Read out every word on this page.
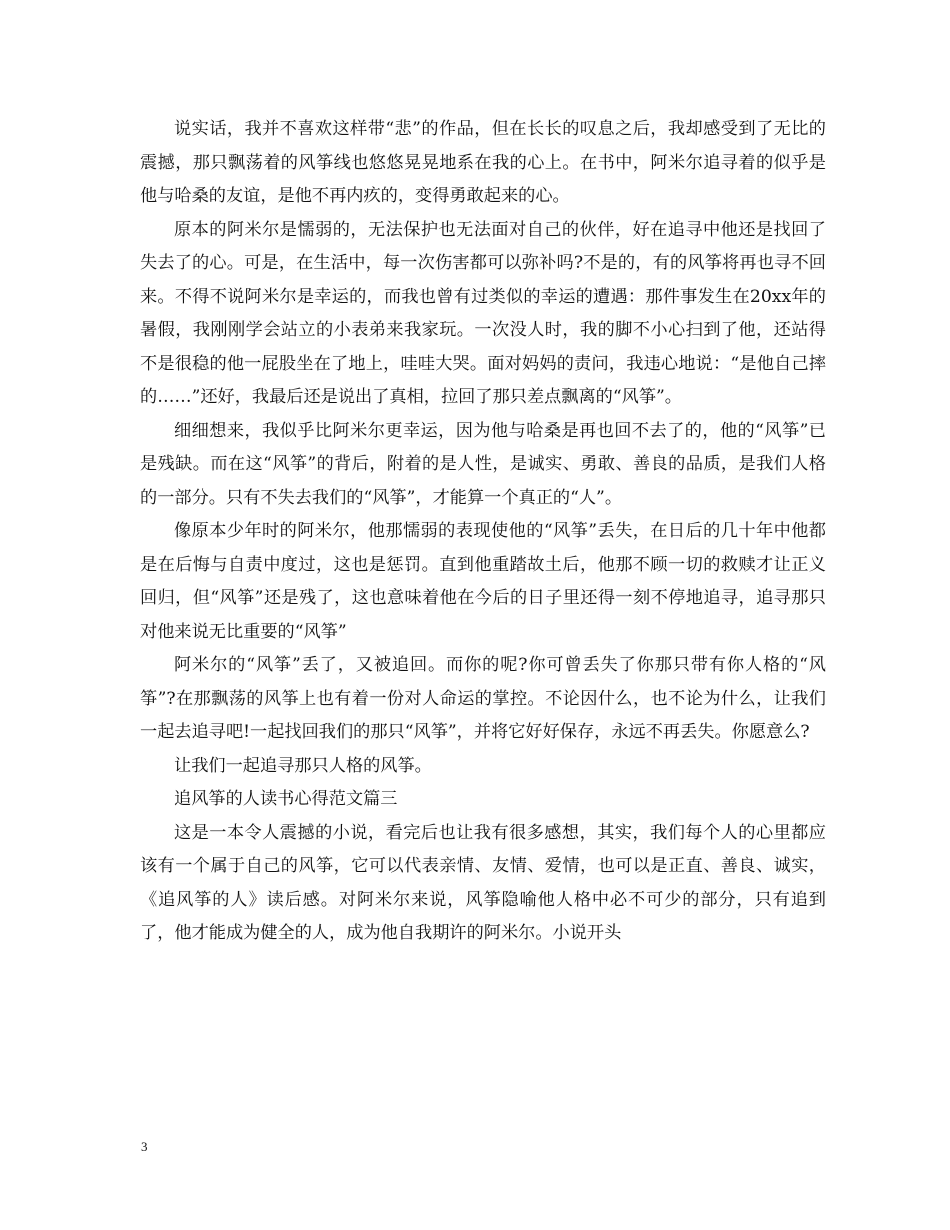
说实话，我并不喜欢这样带“悲”的作品，但在长长的叹息之后，我却感受到了无比的震撼，那只飘荡着的风筝线也悠悠晃晃地系在我的心上。在书中，阿米尔追寻着的似乎是他与哈桑的友谊，是他不再内疚的，变得勇敢起来的心。

原本的阿米尔是懦弱的，无法保护也无法面对自己的伙伴，好在追寻中他还是找回了失去了的心。可是，在生活中，每一次伤害都可以弥补吗?不是的，有的风筝将再也寻不回来。不得不说阿米尔是幸运的，而我也曾有过类似的幸运的遭遇：那件事发生在20xx年的暑假，我刚刚学会站立的小表弟来我家玩。一次没人时，我的脚不小心扫到了他，还站得不是很稳的他一屁股坐在了地上，哇哇大哭。面对妈妈的责问，我违心地说：“是他自己摔的……”还好，我最后还是说出了真相，拉回了那只差点飘离的“风筝”。

细细想来，我似乎比阿米尔更幸运，因为他与哈桑是再也回不去了的，他的“风筝”已是残缺。而在这“风筝”的背后，附着的是人性，是诚实、勇敢、善良的品质，是我们人格的一部分。只有不失去我们的“风筝”，才能算一个真正的“人”。

像原本少年时的阿米尔，他那懦弱的表现使他的“风筝”丢失，在日后的几十年中他都是在后悔与自责中度过，这也是惩罚。直到他重踏故土后，他那不顾一切的救赎才让正义回归，但“风筝”还是残了，这也意味着他在今后的日子里还得一刻不停地追寻，追寻那只对他来说无比重要的“风筝”

阿米尔的“风筝”丢了，又被追回。而你的呢?你可曾丢失了你那只带有你人格的“风筝”?在那飘荡的风筝上也有着一份对人命运的掌控。不论因什么，也不论为什么，让我们一起去追寻吧!一起找回我们的那只“风筝”，并将它好好保存，永远不再丢失。你愿意么?

让我们一起追寻那只人格的风筝。

追风筝的人读书心得范文篇三

这是一本令人震撼的小说，看完后也让我有很多感想，其实，我们每个人的心里都应该有一个属于自己的风筝，它可以代表亲情、友情、爱情，也可以是正直、善良、诚实，《追风筝的人》读后感。对阿米尔来说，风筝隐喻他人格中必不可少的部分，只有追到了，他才能成为健全的人，成为他自我期许的阿米尔。小说开头

3
